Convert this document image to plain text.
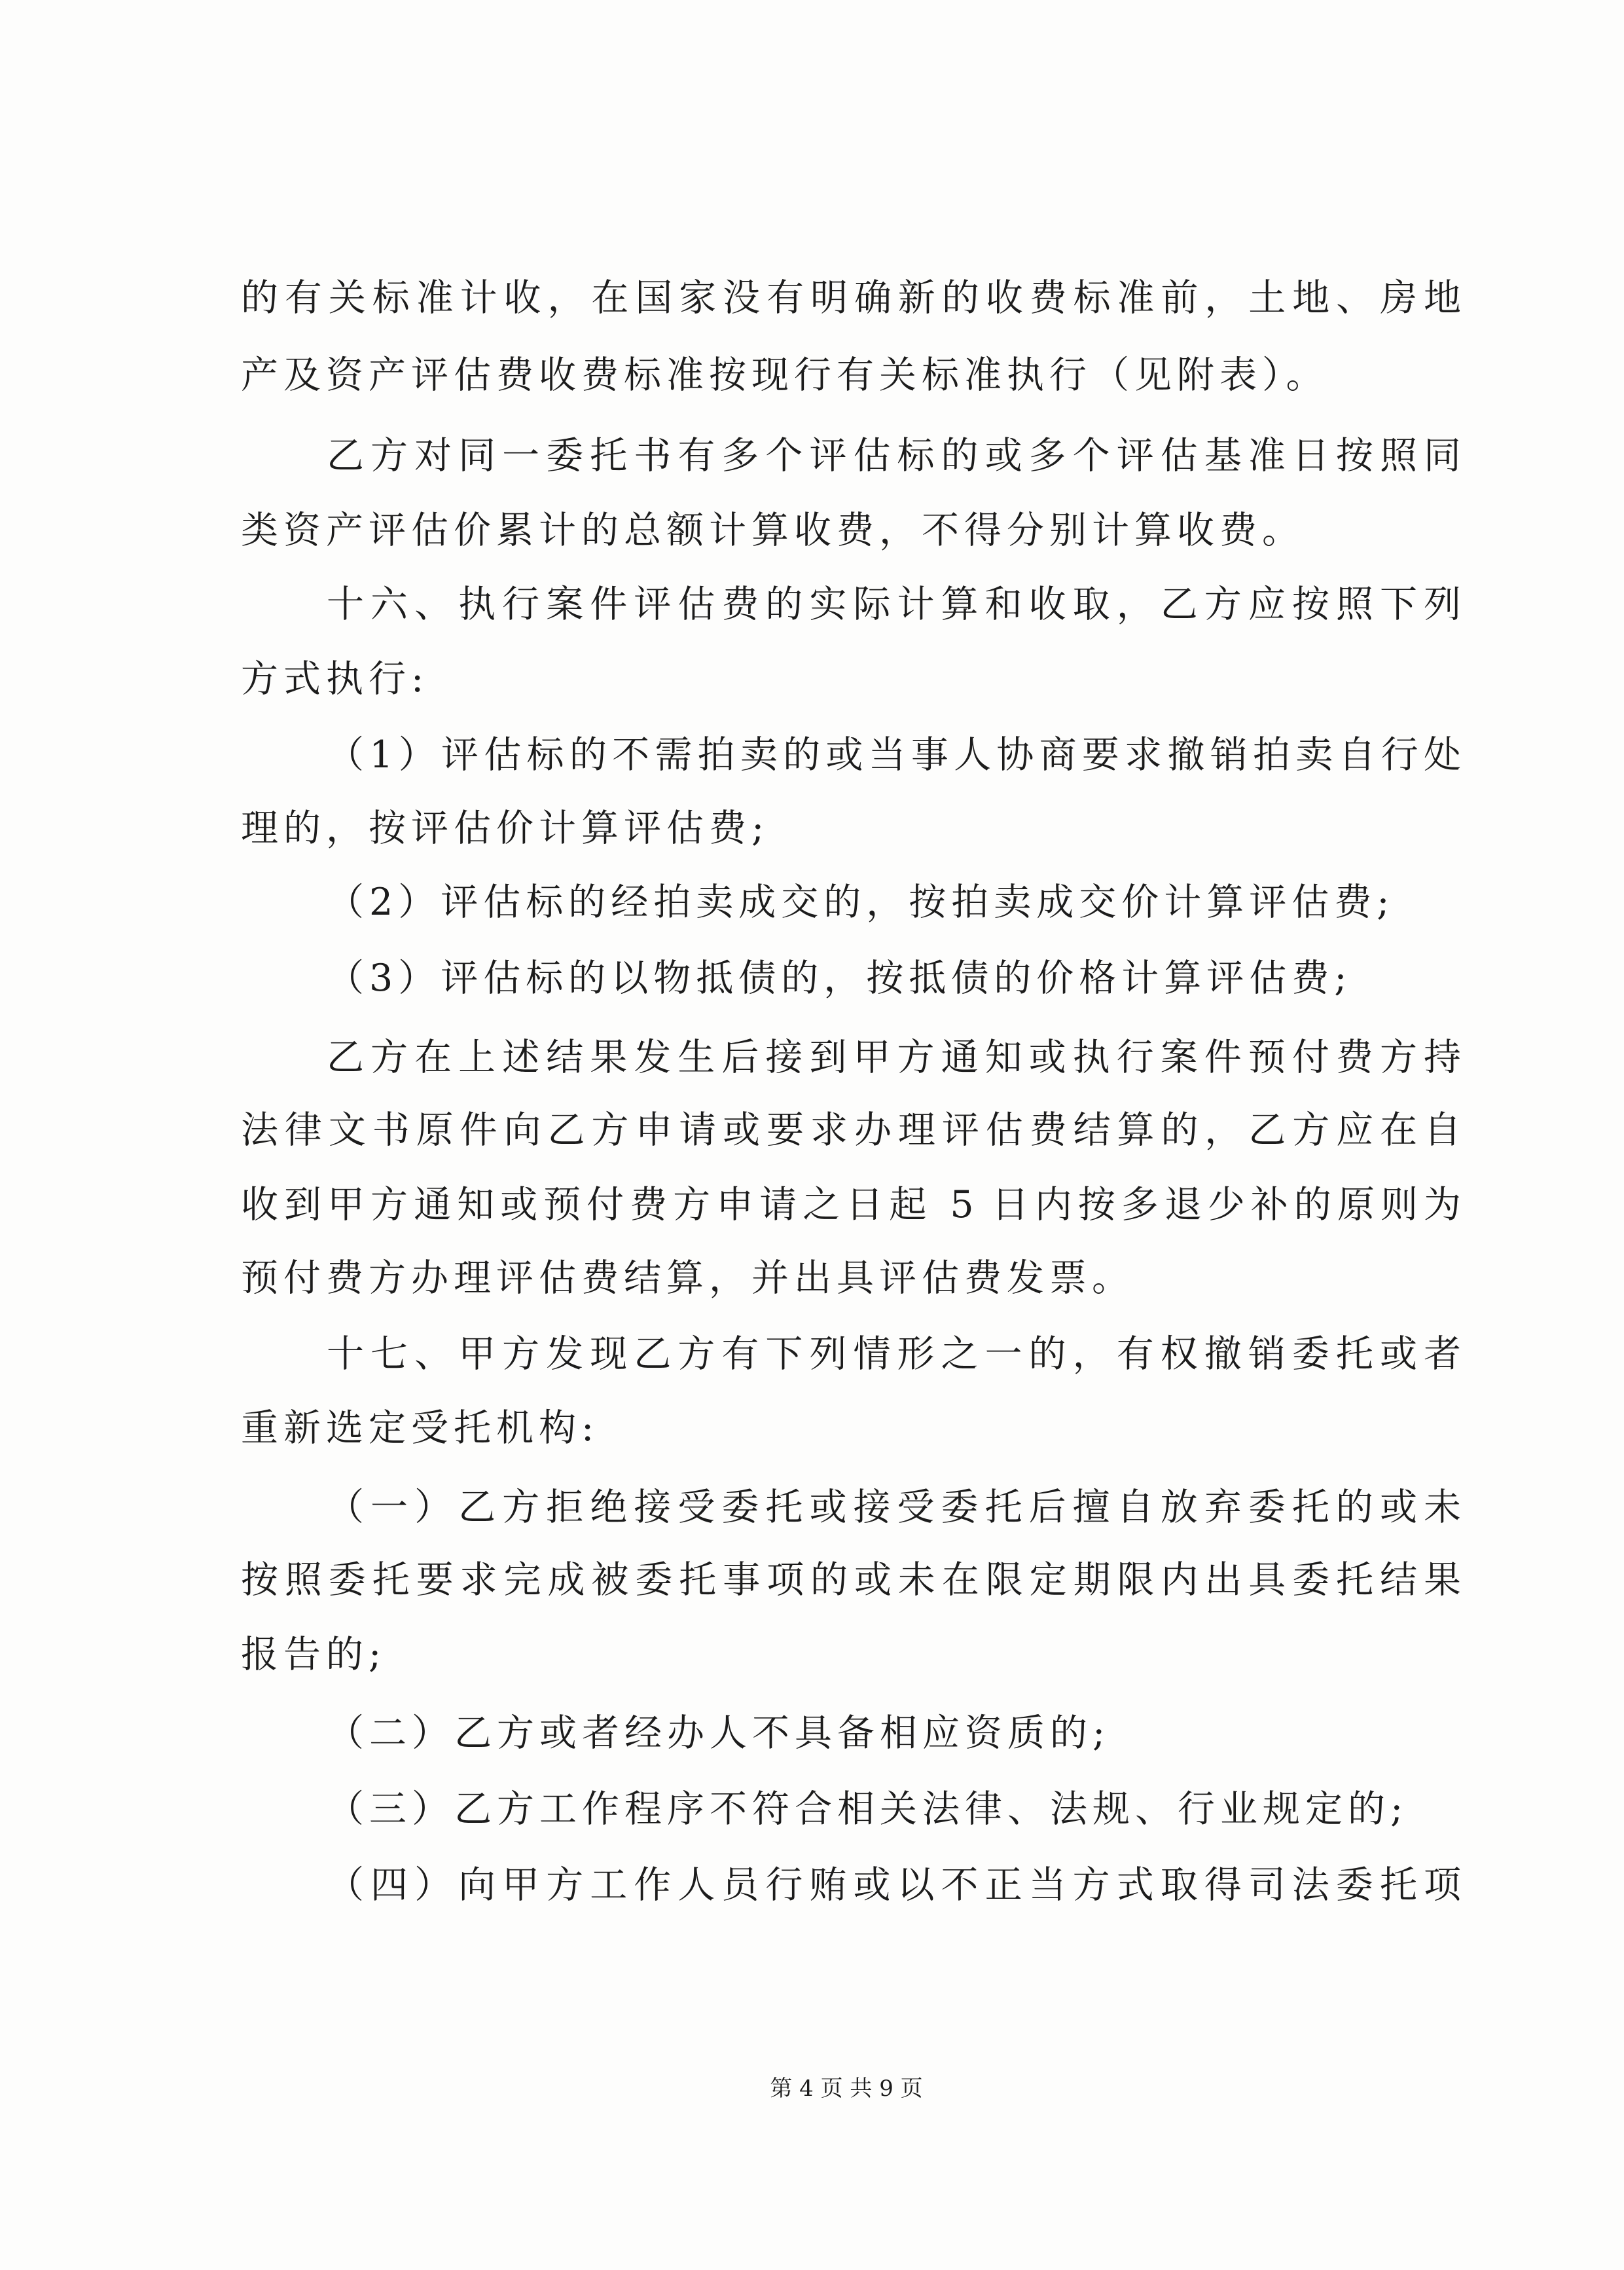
的有关标准计收，在国家没有明确新的收费标准前，土地、房地
产及资产评估费收费标准按现行有关标准执行（见附表）。
乙方对同一委托书有多个评估标的或多个评估基准日按照同
类资产评估价累计的总额计算收费，不得分别计算收费。
十六、执行案件评估费的实际计算和收取，乙方应按照下列
方式执行:
（1）评估标的不需拍卖的或当事人协商要求撤销拍卖自行处
理的，按评估价计算评估费;
（2）评估标的经拍卖成交的，按拍卖成交价计算评估费;
（3）评估标的以物抵债的，按抵债的价格计算评估费;
乙方在上述结果发生后接到甲方通知或执行案件预付费方持
法律文书原件向乙方申请或要求办理评估费结算的，乙方应在自
收到甲方通知或预付费方申请之日起 5 日内按多退少补的原则为
预付费方办理评估费结算，并出具评估费发票。
十七、甲方发现乙方有下列情形之一的，有权撤销委托或者
重新选定受托机构:
（一）乙方拒绝接受委托或接受委托后擅自放弃委托的或未
按照委托要求完成被委托事项的或未在限定期限内出具委托结果
报告的;
（二）乙方或者经办人不具备相应资质的;
（三）乙方工作程序不符合相关法律、法规、行业规定的;
（四）向甲方工作人员行贿或以不正当方式取得司法委托项
第 4 页 共 9 页
